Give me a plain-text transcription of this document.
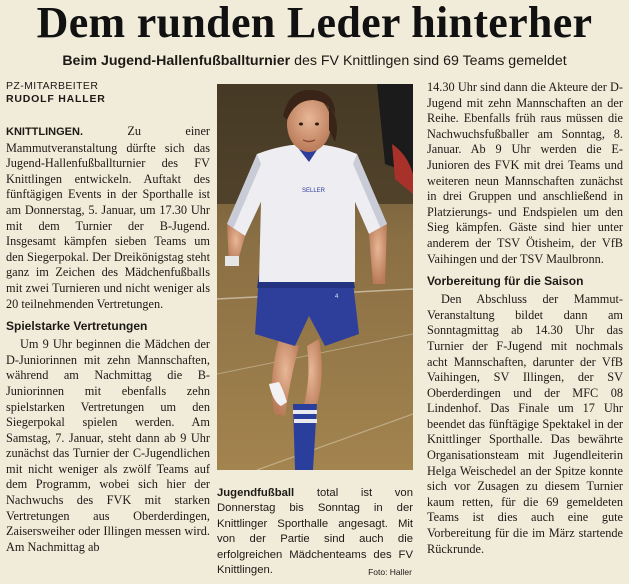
Dem runden Leder hinterher
Beim Jugend-Hallenfußballturnier des FV Knittlingen sind 69 Teams gemeldet
PZ-MITARBEITER
RUDOLF HALLER

KNITTLINGEN. Zu einer Mammutveranstaltung dürfte sich das Jugend-Hallenfußballturnier des FV Knittlingen entwickeln. Auftakt des fünftägigen Events in der Sporthalle ist am Donnerstag, 5. Januar, um 17.30 Uhr mit dem Turnier der B-Jugend. Insgesamt kämpfen sieben Teams um den Siegerpokal. Der Dreikönigstag steht ganz im Zeichen des Mädchenfußballs mit zwei Turnieren und nicht weniger als 20 teilnehmenden Vertretungen.

Spielstarke Vertretungen

Um 9 Uhr beginnen die Mädchen der D-Juniorinnen mit zehn Mannschaften, während am Nachmittag die B-Juniorinnen mit ebenfalls zehn spielstarken Vertretungen um den Siegerpokal spielen werden. Am Samstag, 7. Januar, steht dann ab 9 Uhr zunächst das Turnier der C-Jugendlichen mit nicht weniger als zwölf Teams auf dem Programm, wobei sich hier der Nachwuchs des FVK mit starken Vertretungen aus Oberderdingen, Zaisersweiher oder Illingen messen wird. Am Nachmittag ab

4
SELLER
Jugendfußball total ist von Donnerstag bis Sonntag in der Knittlinger Sporthalle angesagt. Mit von der Partie sind auch die erfolgreichen Mädchenteams des FV Knittlingen.	Foto: Haller

14.30 Uhr sind dann die Akteure der D-Jugend mit zehn Mannschaften an der Reihe. Ebenfalls früh raus müssen die Nachwuchsfußballer am Sonntag, 8. Januar. Ab 9 Uhr werden die E-Junioren des FVK mit drei Teams und weiteren neun Mannschaften zunächst in drei Gruppen und anschließend in Platzierungs- und Endspielen um den Sieg kämpfen. Gäste sind hier unter anderem der TSV Ötisheim, der VfB Vaihingen und der TSV Maulbronn.

Vorbereitung für die Saison

Den Abschluss der Mammut-Veranstaltung bildet dann am Sonntagmittag ab 14.30 Uhr das Turnier der F-Jugend mit nochmals acht Mannschaften, darunter der VfB Vaihingen, SV Illingen, der SV Oberderdingen und der MFC 08 Lindenhof. Das Finale um 17 Uhr beendet das fünftägige Spektakel in der Knittlinger Sporthalle. Das bewährte Organisationsteam mit Jugendleiterin Helga Weischedel an der Spitze konnte sich vor Zusagen zu diesem Turnier kaum retten, für die 69 gemeldeten Teams ist dies auch eine gute Vorbereitung für die im März startende Rückrunde.
